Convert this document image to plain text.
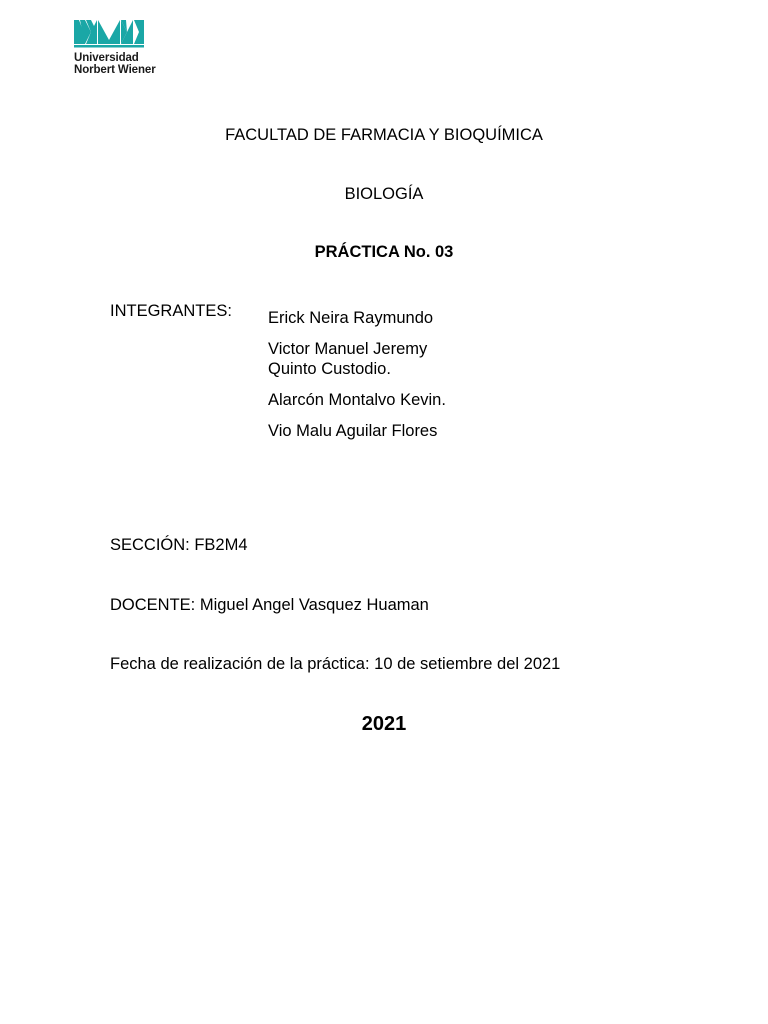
Universidad
Norbert Wiener
FACULTAD DE FARMACIA Y BIOQUÍMICA
BIOLOGÍA
PRÁCTICA No. 03
INTEGRANTES: Erick Neira Raymundo
Victor Manuel Jeremy
Quinto Custodio.
Alarcón Montalvo Kevin.
Vio Malu Aguilar Flores
SECCIÓN: FB2M4
DOCENTE: Miguel Angel Vasquez Huaman
Fecha de realización de la práctica: 10 de setiembre del 2021
2021
